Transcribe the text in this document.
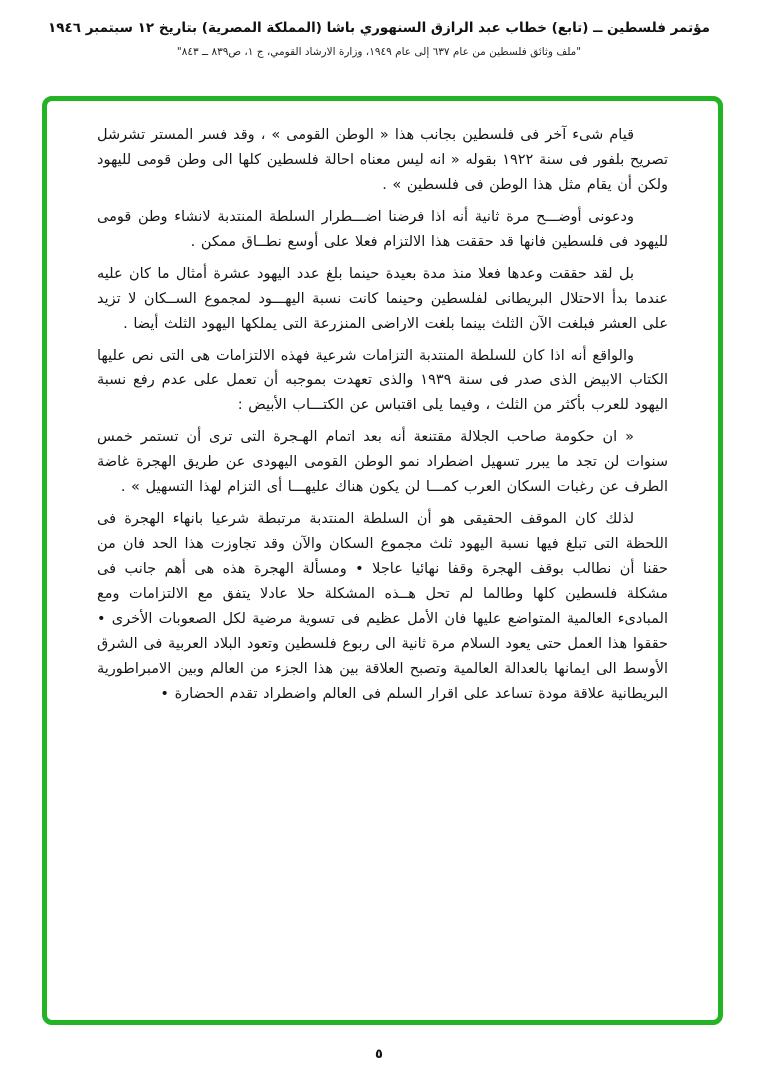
مؤتمر فلسطين ــ (تابع) خطاب عبد الرازق السنهوري باشا (المملكة المصرية) بتاريخ ١٢ سبتمبر ١٩٤٦
"ملف وثائق فلسطين من عام ٦٣٧ إلى عام ١٩٤٩، وزارة الارشاد القومي، ج ١، ص٨٣٩ ــ ٨٤٣"

قيام شىء آخر فى فلسطين بجانب هذا « الوطن القومى » ، وقد فسر المستر تشرشل تصريح بلفور فى سنة ١٩٢٢ بقوله « انه ليس معناه احالة فلسطين كلها الى وطن قومى لليهود ولكن أن يقام مثل هذا الوطن فى فلسطين » .

ودعونى أوضـــح مرة ثانية أنه اذا فرضنا اضـــطرار السلطة المنتدبة لانشاء وطن قومى لليهود فى فلسطين فانها قد حققت هذا الالتزام فعلا على أوسع نطــاق ممكن .

بل لقد حققت وعدها فعلا منذ مدة بعيدة حينما بلغ عدد اليهود عشرة أمثال ما كان عليه عندما بدأ الاحتلال البريطانى لفلسطين وحينما كانت نسبة اليهـــود لمجموع الســكان لا تزيد على العشر فبلغت الآن الثلث بينما بلغت الاراضى المنزرعة التى يملكها اليهود الثلث أيضا .

والواقع أنه اذا كان للسلطة المنتدبة التزامات شرعية فهذه الالتزامات هى التى نص عليها الكتاب الابيض الذى صدر فى سنة ١٩٣٩ والذى تعهدت بموجبه أن تعمل على عدم رفع نسبة اليهود للعرب بأكثر من الثلث ، وفيما يلى اقتباس عن الكتـــاب الأبيض :

« ان حكومة صاحب الجلالة مقتنعة أنه بعد اتمام الهـجرة التى ترى أن تستمر خمس سنوات لن تجد ما يبرر تسهيل اضطراد نمو الوطن القومى اليهودى عن طريق الهجرة غاضة الطرف عن رغبات السكان العرب كمـــا لن يكون هناك عليهـــا أى التزام لهذا التسهيل » .

لذلك كان الموقف الحقيقى هو أن السلطة المنتدبة مرتبطة شرعيا بانهاء الهجرة فى اللحظة التى تبلغ فيها نسبة اليهود ثلث مجموع السكان والآن وقد تجاوزت هذا الحد فان من حقنا أن نطالب بوقف الهجرة وقفا نهائيا عاجلا • ومسألة الهجرة هذه هى أهم جانب فى مشكلة فلسطين كلها وطالما لم تحل هــذه المشكلة حلا عادلا يتفق مع الالتزامات ومع المبادىء العالمية المتواضع عليها فان الأمل عظيم فى تسوية مرضية لكل الصعوبات الأخرى • حققوا هذا العمل حتى يعود السلام مرة ثانية الى ربوع فلسطين وتعود البلاد العربية فى الشرق الأوسط الى ايمانها بالعدالة العالمية وتصبح العلاقة بين هذا الجزء من العالم وبين الامبراطورية البريطانية علاقة مودة تساعد على اقرار السلم فى العالم واضطراد تقدم الحضارة •

٥
